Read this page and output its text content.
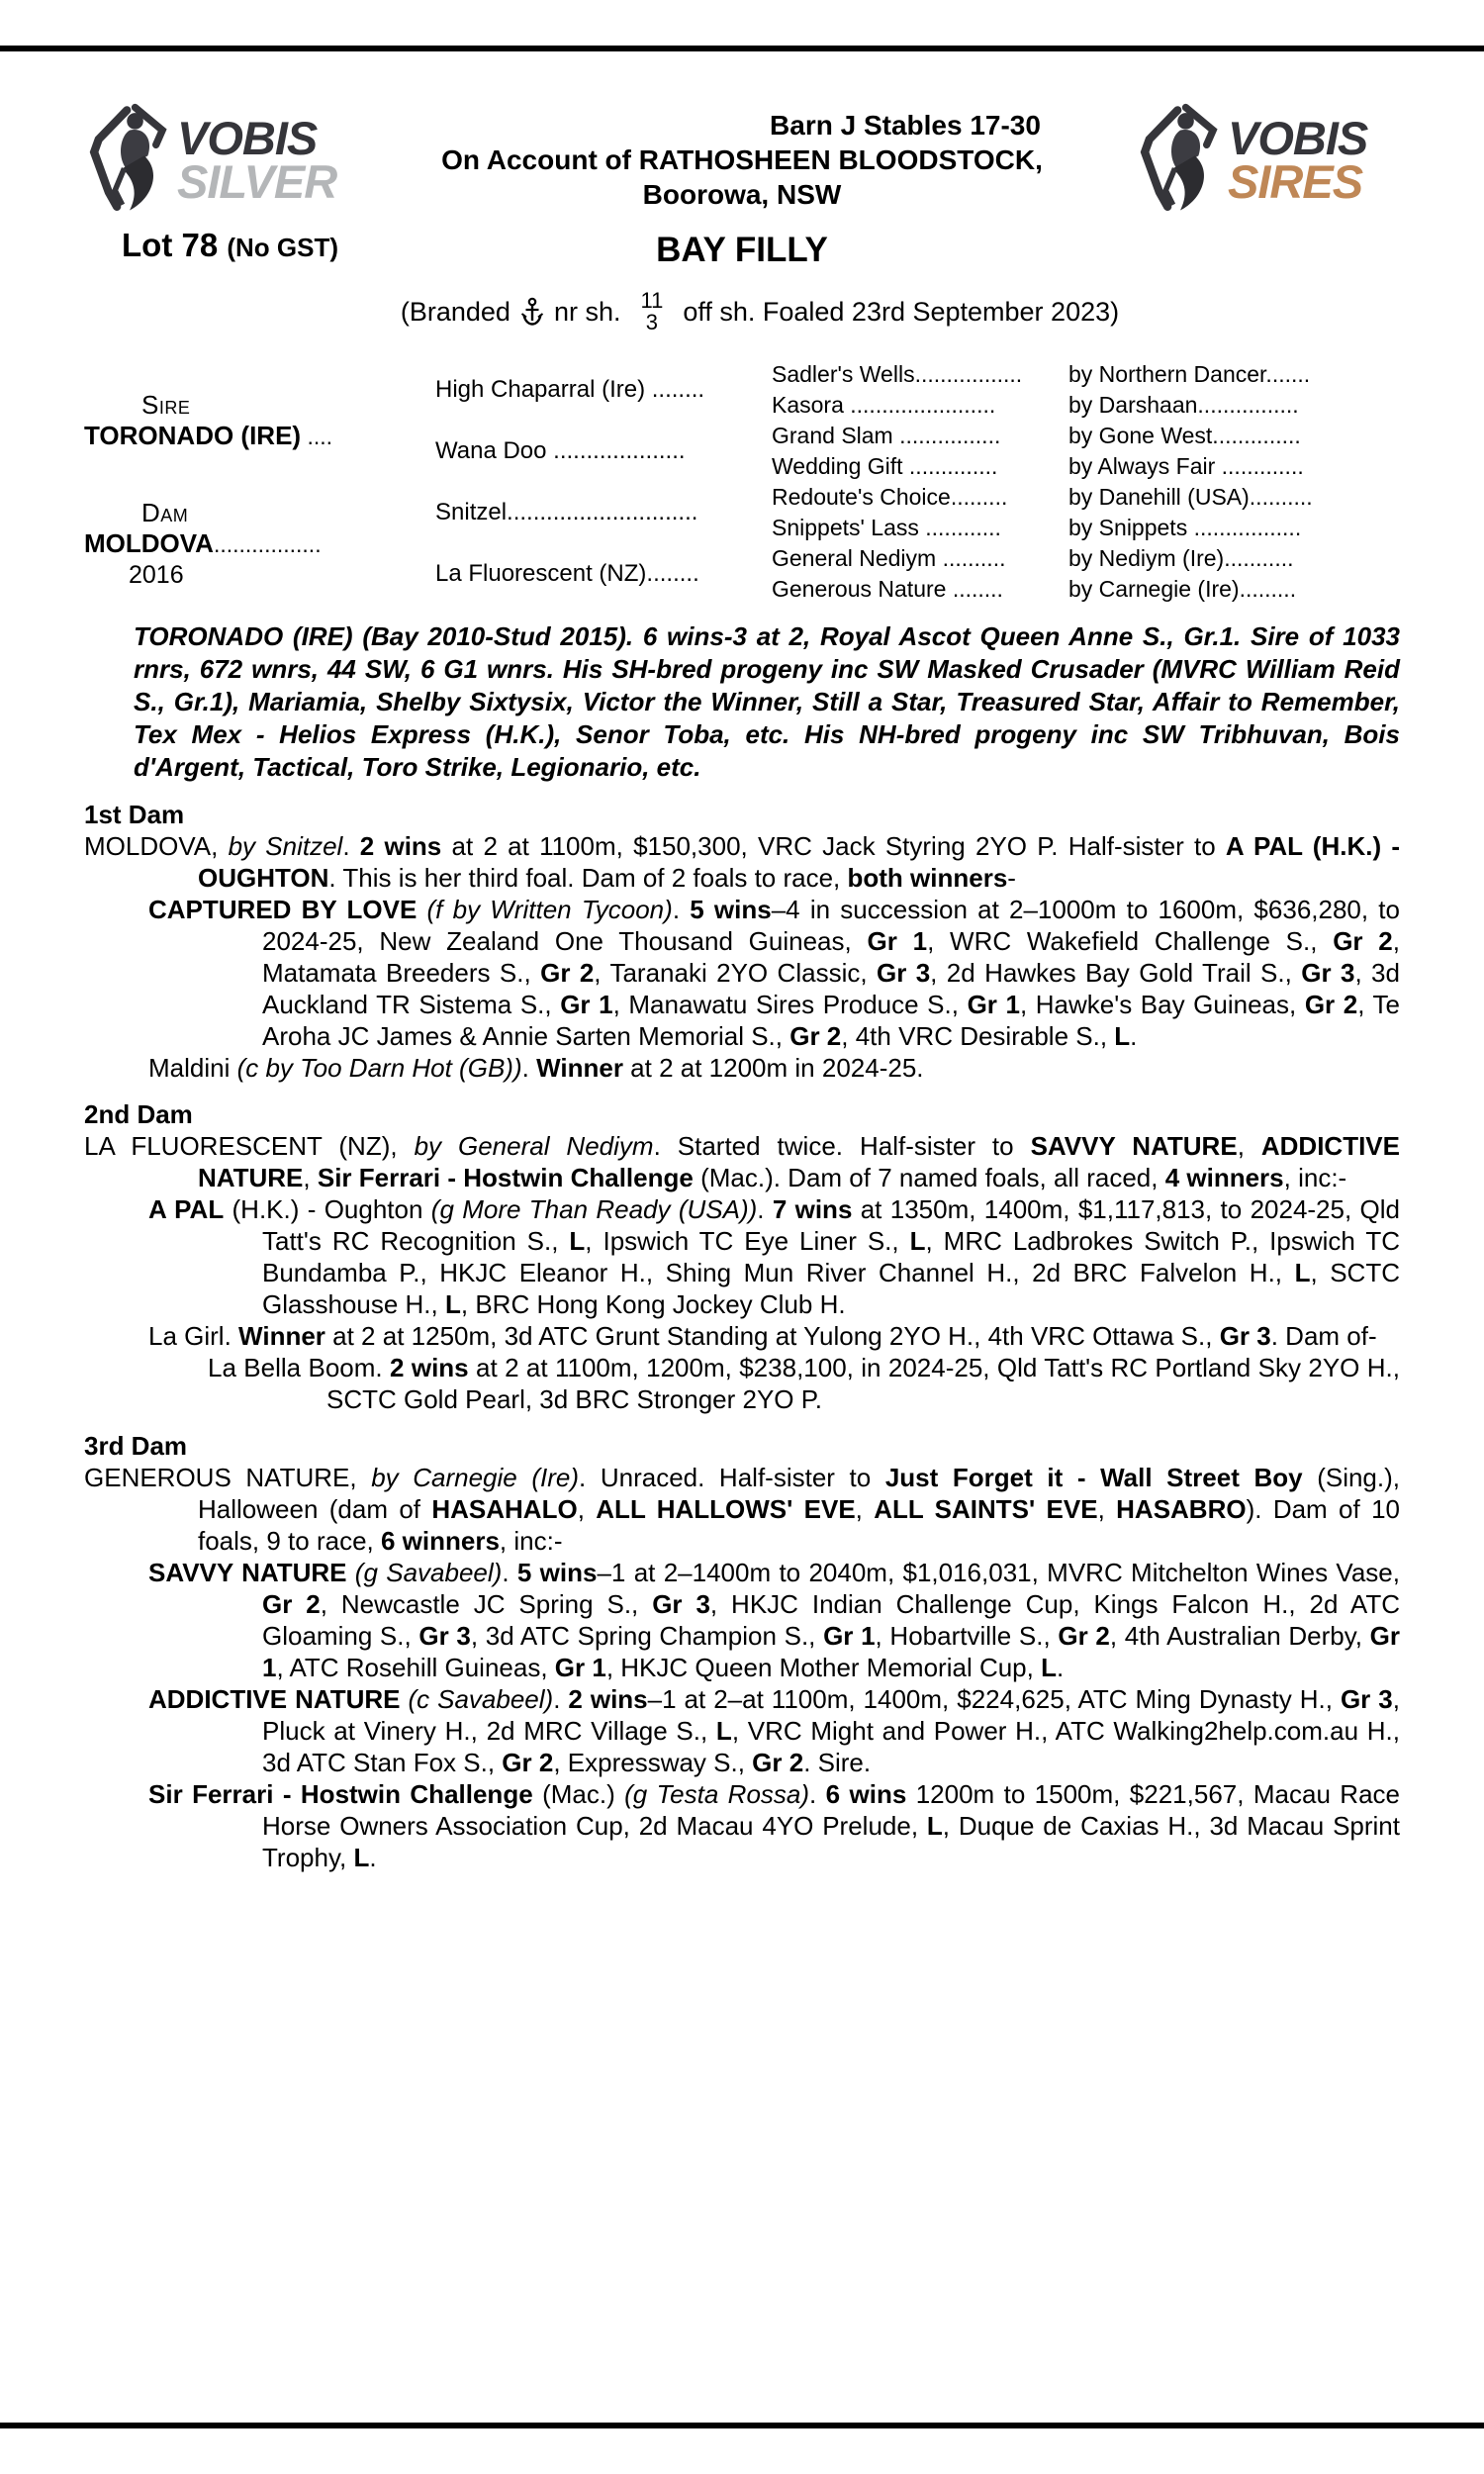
VOBIS
SILVER
Barn J Stables 17-30
On Account of RATHOSHEEN BLOODSTOCK,
Boorowa, NSW
VOBIS
SIRES
Lot 78 (No GST)	BAY FILLY
(Branded nr sh. 11
3 off sh. Foaled 23rd September 2023)
Sire
TORONADO (IRE) ....
Dam
MOLDOVA.................
2016
High Chaparral (Ire) ........
Wana Doo ....................
Snitzel.............................
La Fluorescent (NZ)........
Sadler's Wells.................	by Northern Dancer.......
Kasora .......................	by Darshaan................
Grand Slam ................	by Gone West..............
Wedding Gift ..............	by Always Fair .............
Redoute's Choice.........	by Danehill (USA)..........
Snippets' Lass ............	by Snippets .................
General Nediym ..........	by Nediym (Ire)...........
Generous Nature ........	by Carnegie (Ire).........
TORONADO (IRE) (Bay 2010-Stud 2015). 6 wins-3 at 2, Royal Ascot Queen Anne S., Gr.1. Sire of 1033 rnrs, 672 wnrs, 44 SW, 6 G1 wnrs. His SH-bred progeny inc SW Masked Crusader (MVRC William Reid S., Gr.1), Mariamia, Shelby Sixtysix, Victor the Winner, Still a Star, Treasured Star, Affair to Remember, Tex Mex - Helios Express (H.K.), Senor Toba, etc. His NH-bred progeny inc SW Tribhuvan, Bois d'Argent, Tactical, Toro Strike, Legionario, etc.
1st Dam

MOLDOVA, by Snitzel. 2 wins at 2 at 1100m, $150,300, VRC Jack Styring 2YO P. Half-sister to A PAL (H.K.) - OUGHTON. This is her third foal. Dam of 2 foals to race, both winners-

CAPTURED BY LOVE (f by Written Tycoon). 5 wins–4 in succession at 2–1000m to 1600m, $636,280, to 2024-25, New Zealand One Thousand Guineas, Gr 1, WRC Wakefield Challenge S., Gr 2, Matamata Breeders S., Gr 2, Taranaki 2YO Classic, Gr 3, 2d Hawkes Bay Gold Trail S., Gr 3, 3d Auckland TR Sistema S., Gr 1, Manawatu Sires Produce S., Gr 1, Hawke's Bay Guineas, Gr 2, Te Aroha JC James & Annie Sarten Memorial S., Gr 2, 4th VRC Desirable S., L.

Maldini (c by Too Darn Hot (GB)). Winner at 2 at 1200m in 2024-25.

2nd Dam

LA FLUORESCENT (NZ), by General Nediym. Started twice. Half-sister to SAVVY NATURE, ADDICTIVE NATURE, Sir Ferrari - Hostwin Challenge (Mac.). Dam of 7 named foals, all raced, 4 winners, inc:-

A PAL (H.K.) - Oughton (g More Than Ready (USA)). 7 wins at 1350m, 1400m, $1,117,813, to 2024-25, Qld Tatt's RC Recognition S., L, Ipswich TC Eye Liner S., L, MRC Ladbrokes Switch P., Ipswich TC Bundamba P., HKJC Eleanor H., Shing Mun River Channel H., 2d BRC Falvelon H., L, SCTC Glasshouse H., L, BRC Hong Kong Jockey Club H.

La Girl. Winner at 2 at 1250m, 3d ATC Grunt Standing at Yulong 2YO H., 4th VRC Ottawa S., Gr 3. Dam of-

La Bella Boom. 2 wins at 2 at 1100m, 1200m, $238,100, in 2024-25, Qld Tatt's RC Portland Sky 2YO H., SCTC Gold Pearl, 3d BRC Stronger 2YO P.

3rd Dam

GENEROUS NATURE, by Carnegie (Ire). Unraced. Half-sister to Just Forget it - Wall Street Boy (Sing.), Halloween (dam of HASAHALO, ALL HALLOWS' EVE, ALL SAINTS' EVE, HASABRO). Dam of 10 foals, 9 to race, 6 winners, inc:-

SAVVY NATURE (g Savabeel). 5 wins–1 at 2–1400m to 2040m, $1,016,031, MVRC Mitchelton Wines Vase, Gr 2, Newcastle JC Spring S., Gr 3, HKJC Indian Challenge Cup, Kings Falcon H., 2d ATC Gloaming S., Gr 3, 3d ATC Spring Champion S., Gr 1, Hobartville S., Gr 2, 4th Australian Derby, Gr 1, ATC Rosehill Guineas, Gr 1, HKJC Queen Mother Memorial Cup, L.

ADDICTIVE NATURE (c Savabeel). 2 wins–1 at 2–at 1100m, 1400m, $224,625, ATC Ming Dynasty H., Gr 3, Pluck at Vinery H., 2d MRC Village S., L, VRC Might and Power H., ATC Walking2help.com.au H., 3d ATC Stan Fox S., Gr 2, Expressway S., Gr 2. Sire.

Sir Ferrari - Hostwin Challenge (Mac.) (g Testa Rossa). 6 wins 1200m to 1500m, $221,567, Macau Race Horse Owners Association Cup, 2d Macau 4YO Prelude, L, Duque de Caxias H., 3d Macau Sprint Trophy, L.
